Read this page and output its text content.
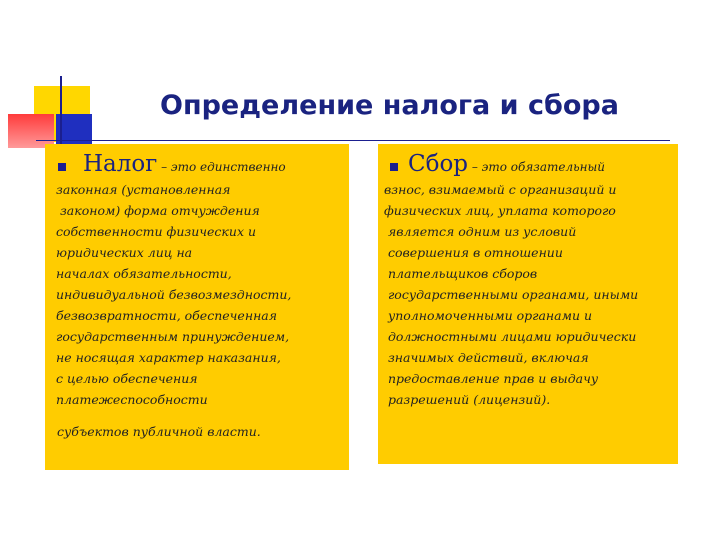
Определение налога и сбора
Налог – это единственно

законная (установленная
законом) форма отчуждения
собственности физических и
юридических лиц на
началах обязательности,
индивидуальной безвозмездности,
безвозвратности, обеспеченная
государственным принуждением,
не носящая характер наказания,
с целью обеспечения
платежеспособности

субъектов публичной власти.
Сбор – это обязательный

взнос, взимаемый с организаций и
физических лиц, уплата которого
является одним из условий
совершения в отношении
плательщиков сборов
государственными органами, иными
уполномоченными органами и
должностными лицами юридически
значимых действий, включая
предоставление прав и выдачу
разрешений (лицензий).
